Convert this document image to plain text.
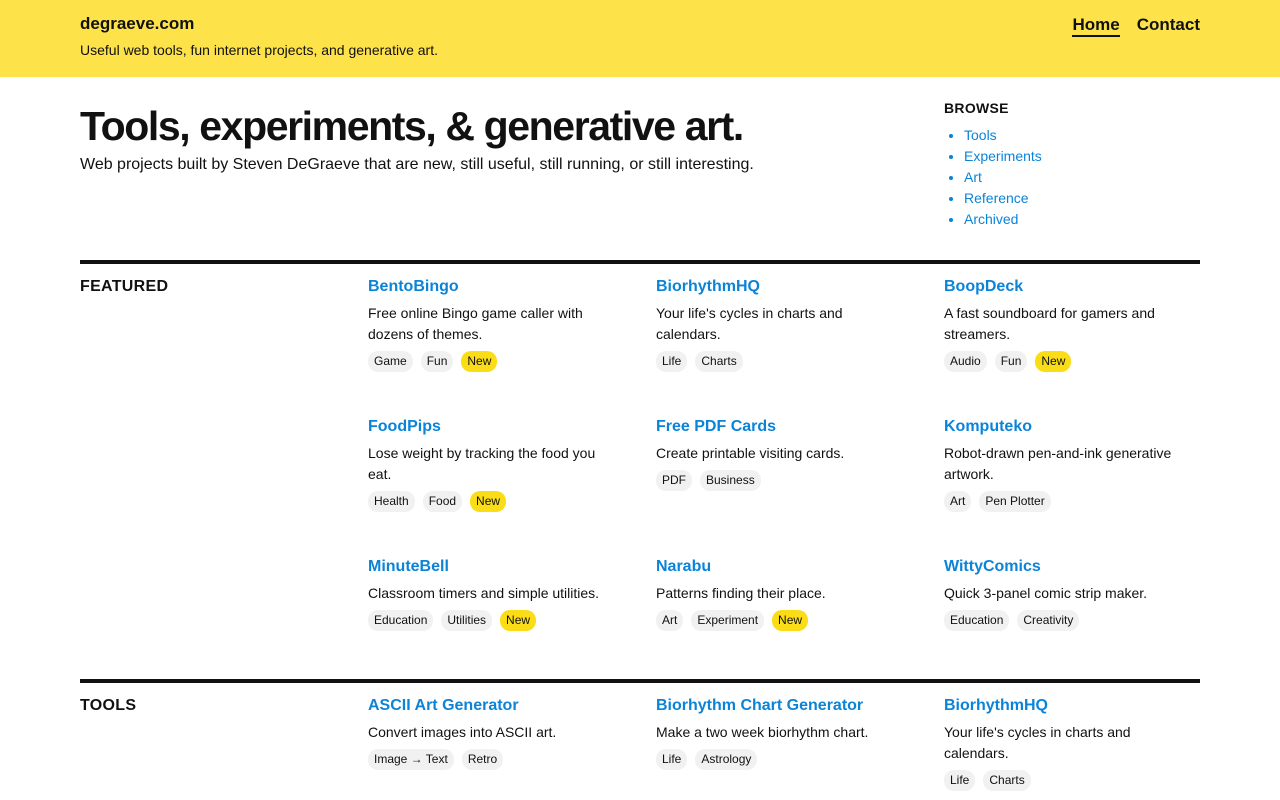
degraeve.com
Useful web tools, fun internet projects, and generative art.
Home Contact
Tools, experiments, & generative art.

Web projects built by Steven DeGraeve that are new, still useful, still running, or still interesting.

BROWSE
• Tools
• Experiments
• Art
• Reference
• Archived
FEATURED	BentoBingo

Free online Bingo game caller with dozens of themes.

Game	Fun	New
BiorhythmHQ

Your life's cycles in charts and calendars.

Life	Charts
BoopDeck

A fast soundboard for gamers and streamers.

Audio	Fun	New
FoodPips

Lose weight by tracking the food you eat.

Health	Food	New
Free PDF Cards

Create printable visiting cards.

PDF	Business
Komputeko

Robot-drawn pen-and-ink generative artwork.

Art	Pen Plotter
MinuteBell

Classroom timers and simple utilities.

Education	Utilities	New
Narabu

Patterns finding their place.

Art	Experiment	New
WittyComics

Quick 3-panel comic strip maker.

Education	Creativity
TOOLS	ASCII Art Generator

Convert images into ASCII art.

Image → Text	Retro
Biorhythm Chart Generator

Make a two week biorhythm chart.

Life	Astrology
BiorhythmHQ

Your life's cycles in charts and calendars.

Life	Charts
